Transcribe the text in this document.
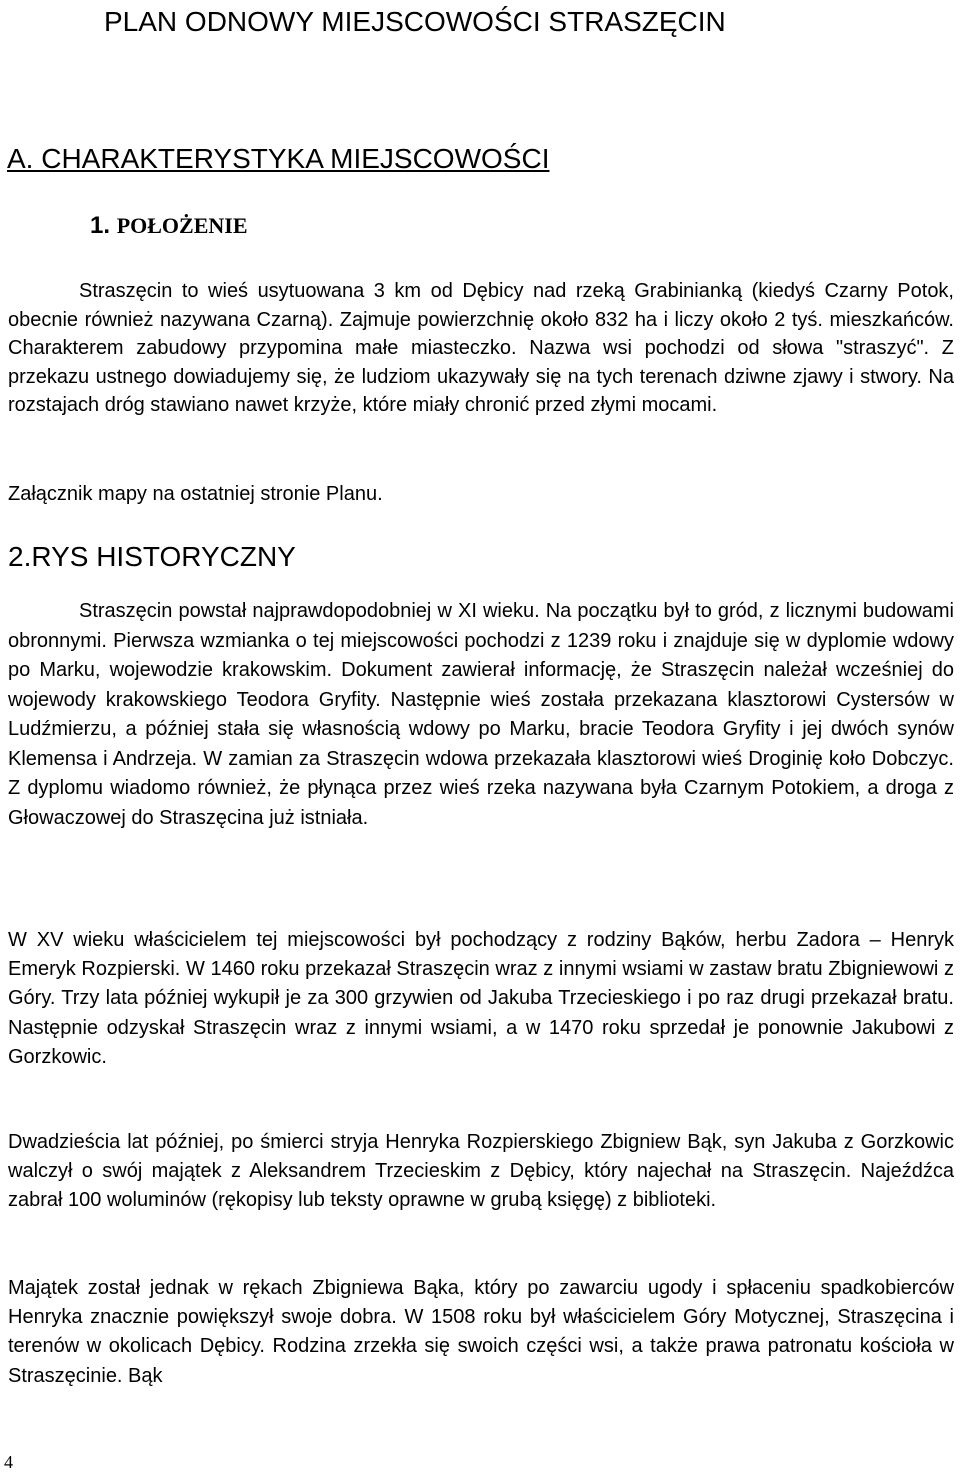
PLAN ODNOWY MIEJSCOWOŚCI STRASZĘCIN
A. CHARAKTERYSTYKA MIEJSCOWOŚCI
1. POŁOŻENIE

Straszęcin to wieś usytuowana 3 km od Dębicy nad rzeką Grabinianką (kiedyś Czarny Potok, obecnie również nazywana Czarną). Zajmuje powierzchnię około 832 ha i liczy około 2 tyś. mieszkańców. Charakterem zabudowy przypomina małe miasteczko. Nazwa wsi pochodzi od słowa "straszyć". Z przekazu ustnego dowiadujemy się, że ludziom ukazywały się na tych terenach dziwne zjawy i stwory. Na rozstajach dróg stawiano nawet krzyże, które miały chronić przed złymi mocami.

Załącznik mapy na ostatniej stronie Planu.

2.RYS HISTORYCZNY

Straszęcin powstał najprawdopodobniej w XI wieku. Na początku był to gród, z licznymi budowami obronnymi. Pierwsza wzmianka o tej miejscowości pochodzi z 1239 roku i znajduje się w dyplomie wdowy po Marku, wojewodzie krakowskim. Dokument zawierał informację, że Straszęcin należał wcześniej do wojewody krakowskiego Teodora Gryfity. Następnie wieś została przekazana klasztorowi Cystersów w Ludźmierzu, a później stała się własnością wdowy po Marku, bracie Teodora Gryfity i jej dwóch synów Klemensa i Andrzeja. W zamian za Straszęcin wdowa przekazała klasztorowi wieś Droginię koło Dobczyc. Z dyplomu wiadomo również, że płynąca przez wieś rzeka nazywana była Czarnym Potokiem, a droga z Głowaczowej do Straszęcina już istniała.

W XV wieku właścicielem tej miejscowości był pochodzący z rodziny Bąków, herbu Zadora – Henryk Emeryk Rozpierski. W 1460 roku przekazał Straszęcin wraz z innymi wsiami w zastaw bratu Zbigniewowi z Góry. Trzy lata później wykupił je za 300 grzywien od Jakuba Trzecieskiego i po raz drugi przekazał bratu. Następnie odzyskał Straszęcin wraz z innymi wsiami, a w 1470 roku sprzedał je ponownie Jakubowi z Gorzkowic.

Dwadzieścia lat później, po śmierci stryja Henryka Rozpierskiego Zbigniew Bąk, syn Jakuba z Gorzkowic walczył o swój majątek z Aleksandrem Trzecieskim z Dębicy, który najechał na Straszęcin. Najeźdźca zabrał 100 woluminów (rękopisy lub teksty oprawne w grubą księgę) z biblioteki.

Majątek został jednak w rękach Zbigniewa Bąka, który po zawarciu ugody i spłaceniu spadkobierców Henryka znacznie powiększył swoje dobra. W 1508 roku był właścicielem Góry Motycznej, Straszęcina i terenów w okolicach Dębicy. Rodzina zrzekła się swoich części wsi, a także prawa patronatu kościoła w Straszęcinie. Bąk

4
